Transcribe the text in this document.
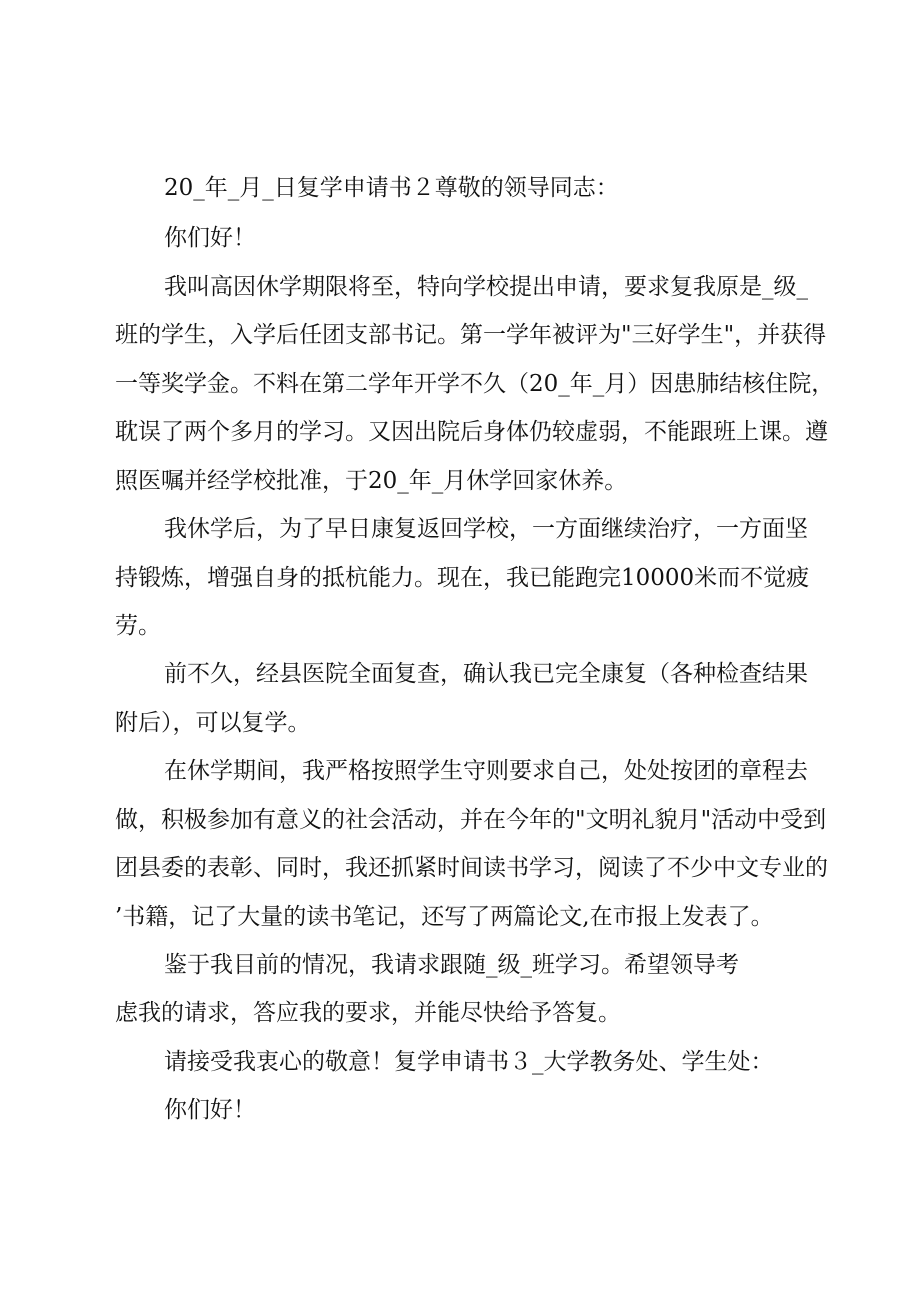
20_年_月_日复学申请书２尊敬的领导同志：

你们好！

我叫高因休学期限将至，特向学校提出申请，要求复我原是_级_

班的学生，入学后任团支部书记。第一学年被评为"三好学生"，并获得

一等奖学金。不料在第二学年开学不久（20_年_月）因患肺结核住院，

耽误了两个多月的学习。又因出院后身体仍较虚弱，不能跟班上课。遵

照医嘱并经学校批准，于20_年_月休学回家休养。

我休学后，为了早日康复返回学校，一方面继续治疗，一方面坚

持锻炼，增强自身的抵杭能力。现在，我已能跑完10000米而不觉疲

劳。

前不久，经县医院全面复查，确认我已完全康复（各种检查结果

附后），可以复学。

在休学期间，我严格按照学生守则要求自己，处处按团的章程去

做，积极参加有意义的社会活动，并在今年的"文明礼貌月"活动中受到

团县委的表彰、同时，我还抓紧时间读书学习，阅读了不少中文专业的

’书籍，记了大量的读书笔记，还写了两篇论文,在市报上发表了。

鉴于我目前的情况，我请求跟随_级_班学习。希望领导考

虑我的请求，答应我的要求，并能尽快给予答复。

请接受我衷心的敬意！复学申请书３_大学教务处、学生处：

你们好！
